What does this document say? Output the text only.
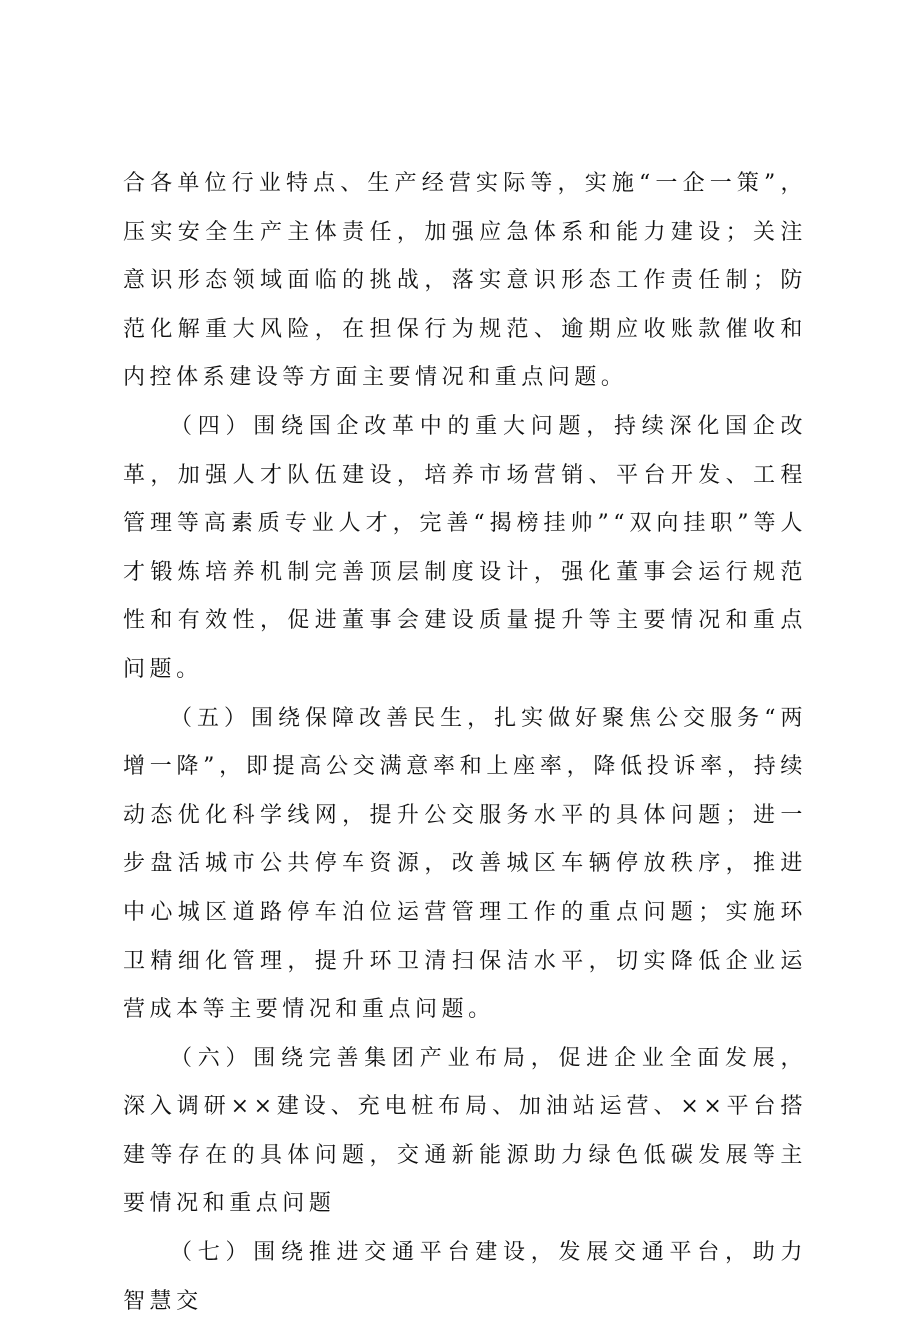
合各单位行业特点、生产经营实际等，实施“一企一策”，压实安全生产主体责任，加强应急体系和能力建设；关注意识形态领域面临的挑战，落实意识形态工作责任制；防范化解重大风险，在担保行为规范、逾期应收账款催收和内控体系建设等方面主要情况和重点问题。

（四）围绕国企改革中的重大问题，持续深化国企改革，加强人才队伍建设，培养市场营销、平台开发、工程管理等高素质专业人才，完善“揭榜挂帅”“双向挂职”等人才锻炼培养机制完善顶层制度设计，强化董事会运行规范性和有效性，促进董事会建设质量提升等主要情况和重点问题。

（五）围绕保障改善民生，扎实做好聚焦公交服务“两增一降”，即提高公交满意率和上座率，降低投诉率，持续动态优化科学线网，提升公交服务水平的具体问题；进一步盘活城市公共停车资源，改善城区车辆停放秩序，推进中心城区道路停车泊位运营管理工作的重点问题；实施环卫精细化管理，提升环卫清扫保洁水平，切实降低企业运营成本等主要情况和重点问题。

（六）围绕完善集团产业布局，促进企业全面发展，深入调研××建设、充电桩布局、加油站运营、××平台搭建等存在的具体问题，交通新能源助力绿色低碳发展等主要情况和重点问题

（七）围绕推进交通平台建设，发展交通平台，助力智慧交
